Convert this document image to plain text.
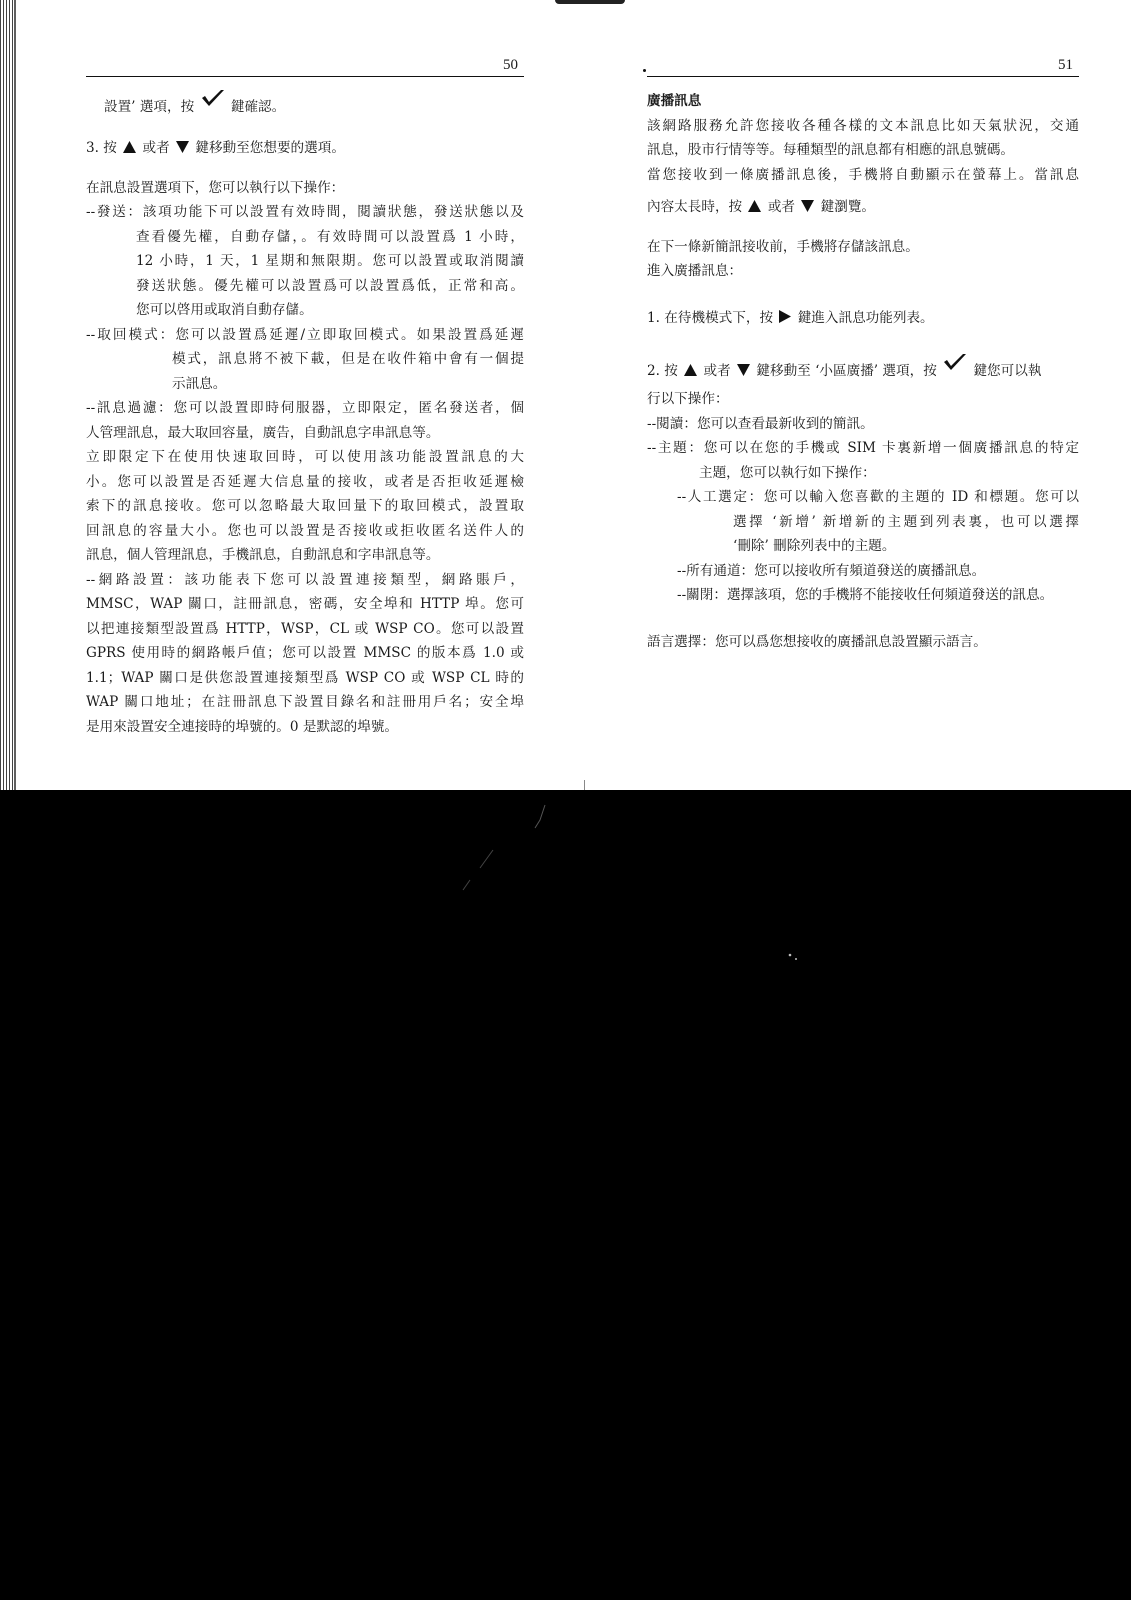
50

設置’ 選項，按	鍵確認。

3. 按 或者 鍵移動至您想要的選項。

在訊息設置選項下，您可以執行以下操作：

--發送：該項功能下可以設置有效時間，閱讀狀態，發送狀態以及

查看優先權，自動存儲，。有效時間可以設置爲 1 小時，

12 小時，1 天，1 星期和無限期。您可以設置或取消閱讀

發送狀態。優先權可以設置爲可以設置爲低，正常和高。

您可以啓用或取消自動存儲。

--取回模式：您可以設置爲延遲/立即取回模式。如果設置爲延遲

模式，訊息將不被下載，但是在收件箱中會有一個提

示訊息。

--訊息過濾：您可以設置即時伺服器，立即限定，匿名發送者，個

人管理訊息，最大取回容量，廣告，自動訊息字串訊息等。

立即限定下在使用快速取回時，可以使用該功能設置訊息的大

小。您可以設置是否延遲大信息量的接收，或者是否拒收延遲檢

索下的訊息接收。您可以忽略最大取回量下的取回模式，設置取

回訊息的容量大小。您也可以設置是否接收或拒收匿名送件人的

訊息，個人管理訊息，手機訊息，自動訊息和字串訊息等。

--網路設置：該功能表下您可以設置連接類型，網路賬戶，

MMSC，WAP 關口，註冊訊息，密碼，安全埠和 HTTP 埠。您可

以把連接類型設置爲 HTTP，WSP，CL 或 WSP CO。您可以設置

GPRS 使用時的網路帳戶值；您可以設置 MMSC 的版本爲 1.0 或

1.1；WAP 關口是供您設置連接類型爲 WSP CO 或 WSP CL 時的

WAP 關口地址；在註冊訊息下設置目錄名和註冊用戶名；安全埠

是用來設置安全連接時的埠號的。0 是默認的埠號。

51

廣播訊息

該網路服務允許您接收各種各樣的文本訊息比如天氣狀況，交通

訊息，股市行情等等。每種類型的訊息都有相應的訊息號碼。

當您接收到一條廣播訊息後，手機將自動顯示在螢幕上。當訊息

內容太長時，按 或者 鍵瀏覽。

在下一條新簡訊接收前，手機將存儲該訊息。

進入廣播訊息：

1. 在待機模式下，按 鍵進入訊息功能列表。

2. 按 或者 鍵移動至 ‘小區廣播’ 選項，按	鍵您可以執

行以下操作：

--閱讀：您可以查看最新收到的簡訊。

--主題：您可以在您的手機或 SIM 卡裏新增一個廣播訊息的特定

主題，您可以執行如下操作：

--人工選定：您可以輸入您喜歡的主題的 ID 和標題。您可以

選擇 ‘新增’ 新增新的主題到列表裏，也可以選擇

‘刪除’ 刪除列表中的主題。

--所有通道：您可以接收所有頻道發送的廣播訊息。

--關閉：選擇該項，您的手機將不能接收任何頻道發送的訊息。

語言選擇：您可以爲您想接收的廣播訊息設置顯示語言。
